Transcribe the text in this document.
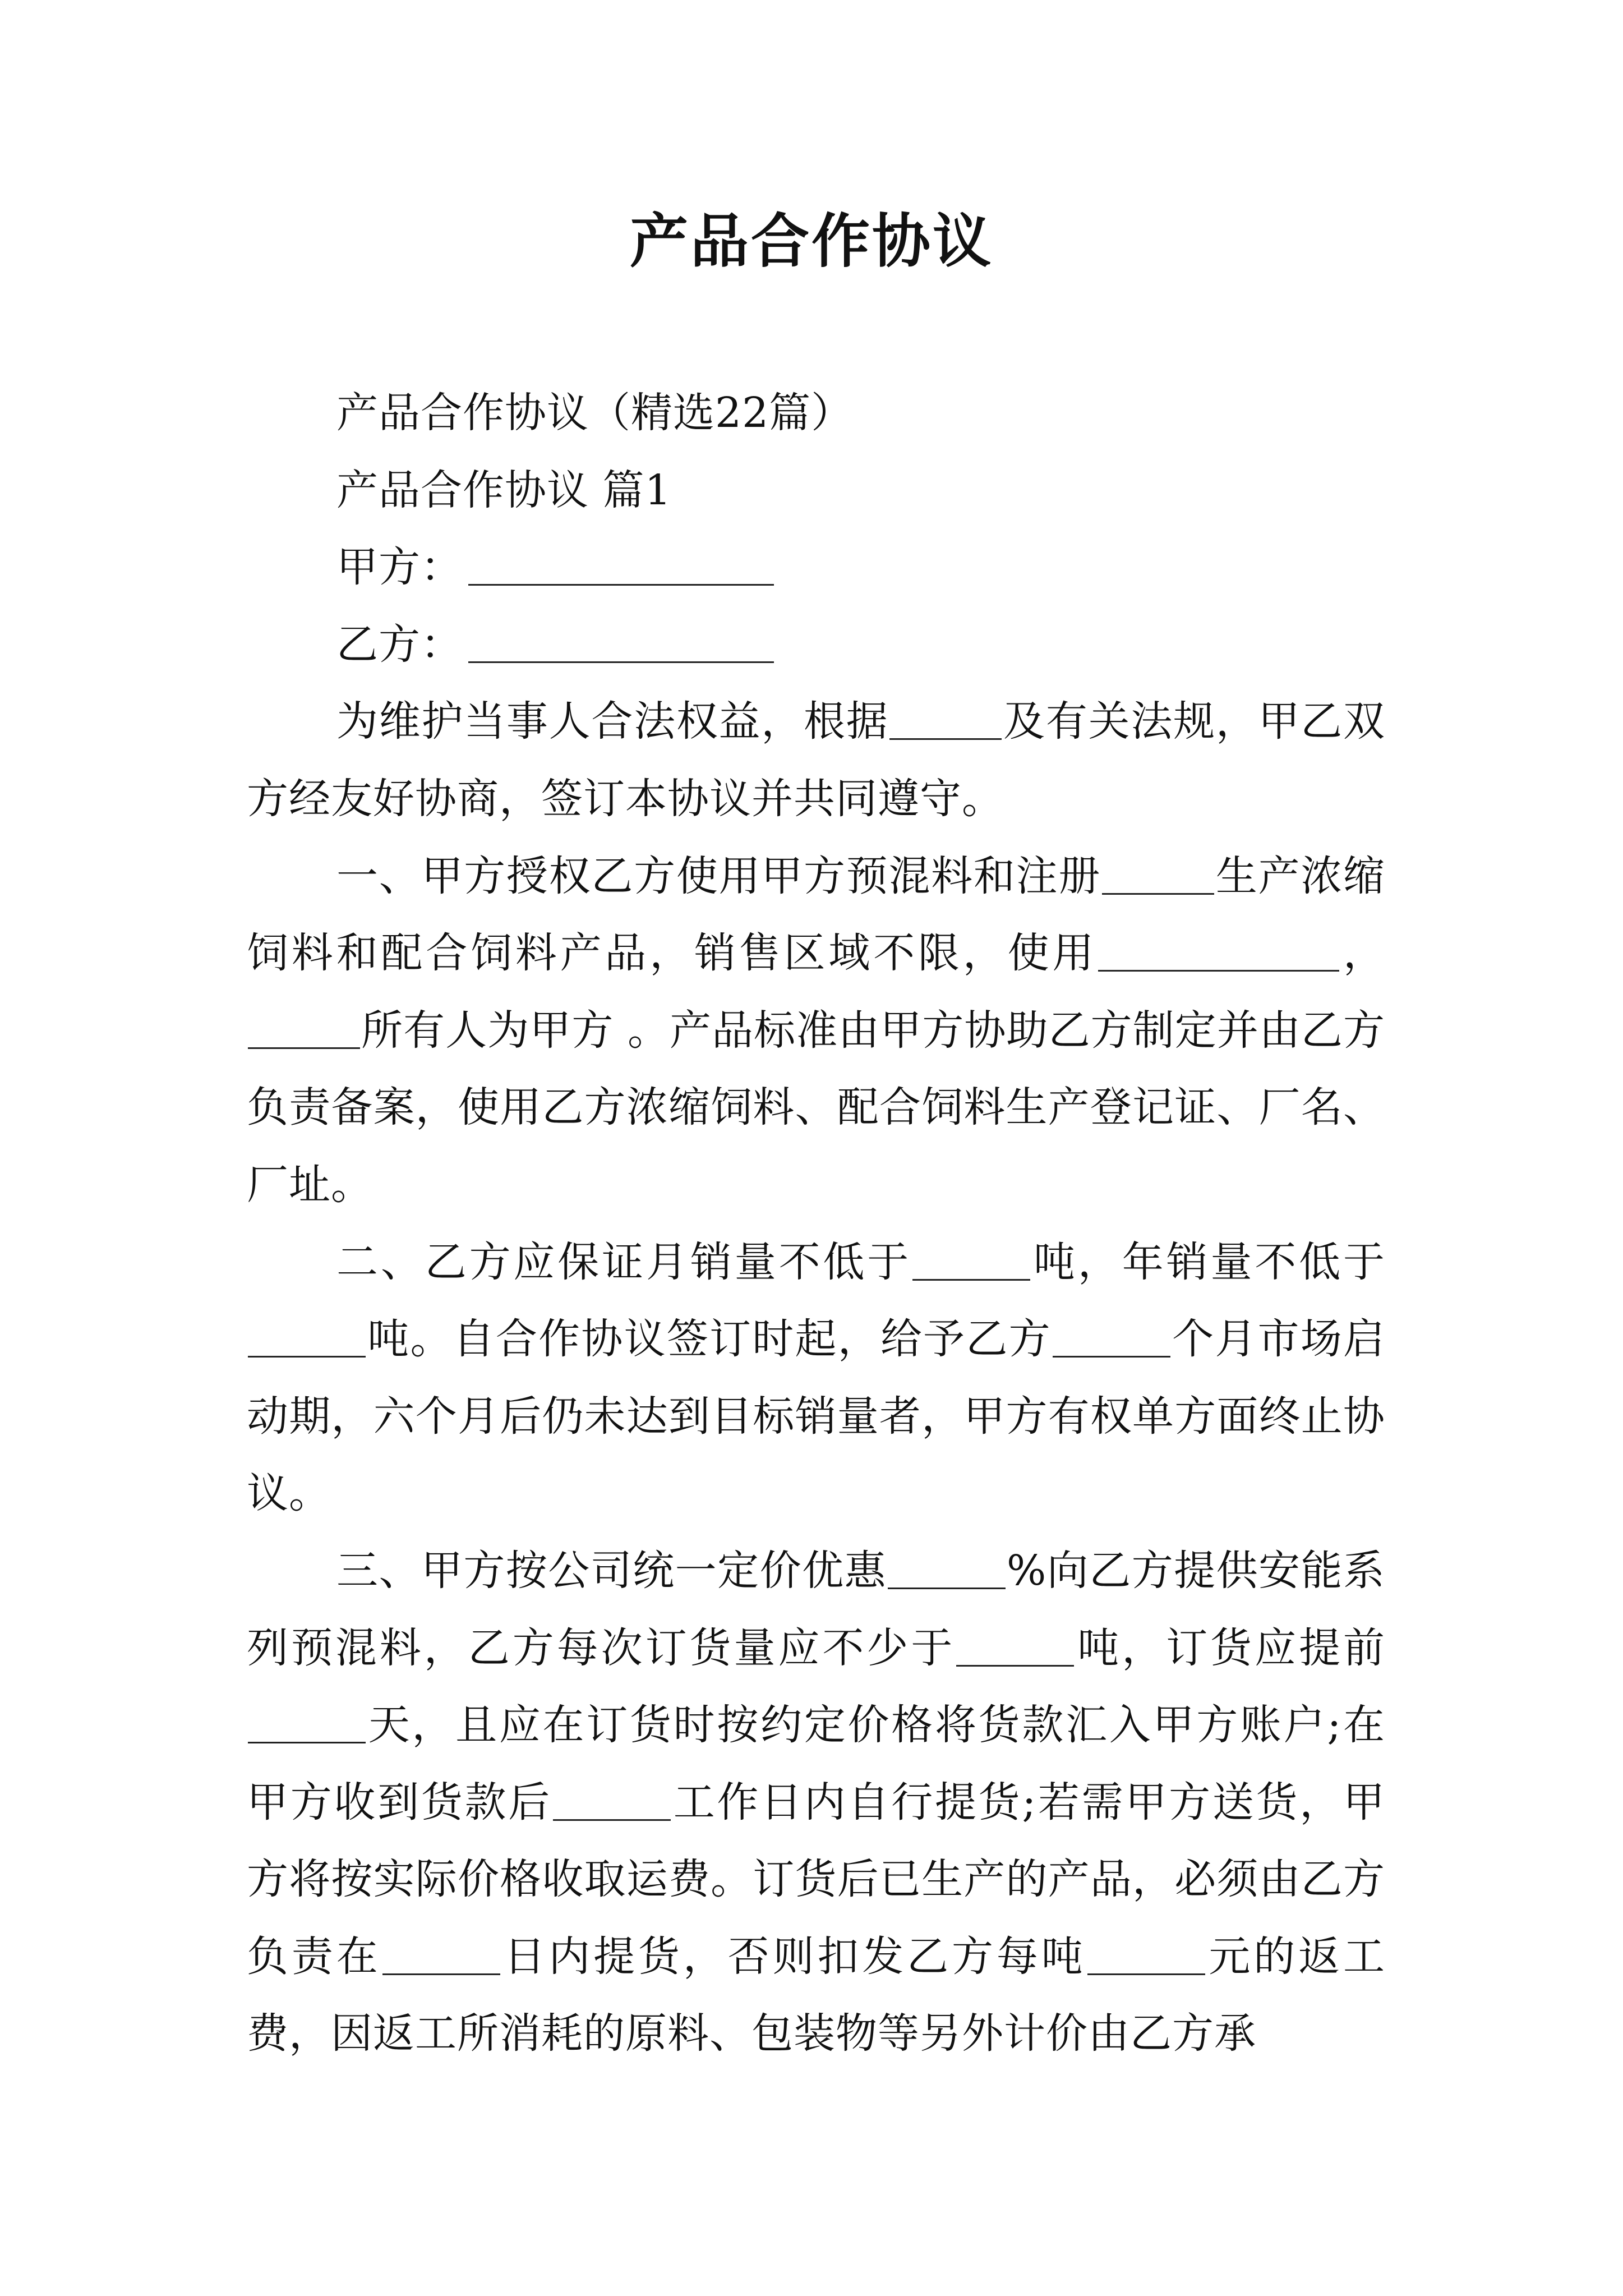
产品合作协议

产品合作协议（精选22篇）

产品合作协议 篇1

甲方：

乙方：

为维护当事人合法权益，根据	及有关法规，甲乙双方经友好协商，签订本协议并共同遵守。

一、甲方授权乙方使用甲方预混料和注册	生产浓缩饲料和配合饲料产品，销售区域不限，使用	，所有人为甲方 。产品标准由甲方协助乙方制定并由乙方负责备案，使用乙方浓缩饲料、配合饲料生产登记证、厂名、厂址。

二、乙方应保证月销量不低于	吨，年销量不低于吨。自合作协议签订时起，给予乙方	个月市场启动期，六个月后仍未达到目标销量者，甲方有权单方面终止协议。

三、甲方按公司统一定价优惠	%向乙方提供安能系列预混料，乙方每次订货量应不少于	吨，订货应提前天，且应在订货时按约定价格将货款汇入甲方账户;在甲方收到货款后	工作日内自行提货;若需甲方送货，甲方将按实际价格收取运费。订货后已生产的产品，必须由乙方负责在	日内提货，否则扣发乙方每吨	元的返工费，因返工所消耗的原料、包装物等另外计价由乙方承
